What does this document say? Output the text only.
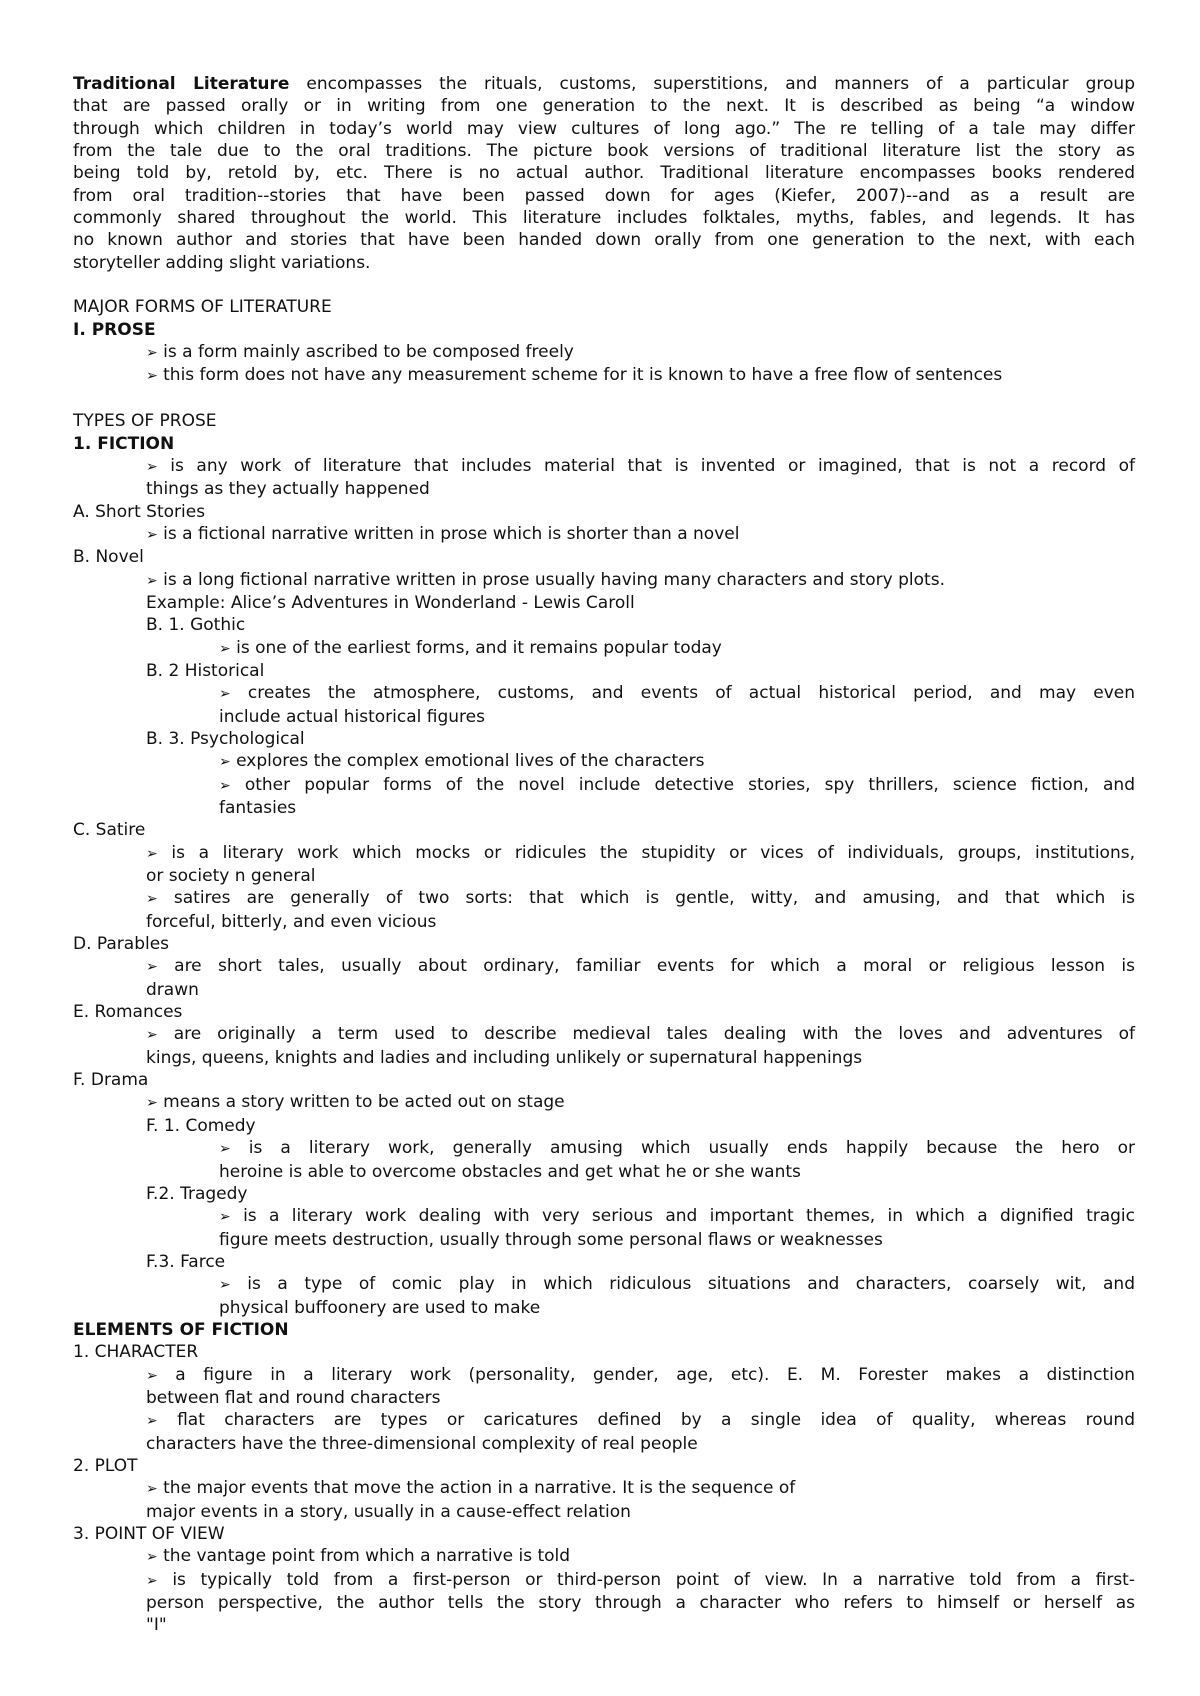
Traditional Literature encompasses the rituals, customs, superstitions, and manners of a particular group
that are passed orally or in writing from one generation to the next. It is described as being “a window
through which children in today’s world may view cultures of long ago.” The re telling of a tale may differ
from the tale due to the oral traditions. The picture book versions of traditional literature list the story as
being told by, retold by, etc. There is no actual author. Traditional literature encompasses books rendered
from oral tradition--stories that have been passed down for ages (Kiefer, 2007)--and as a result are
commonly shared throughout the world. This literature includes folktales, myths, fables, and legends. It has
no known author and stories that have been handed down orally from one generation to the next, with each
storyteller adding slight variations.
MAJOR FORMS OF LITERATURE
I. PROSE
➢ is a form mainly ascribed to be composed freely
➢ this form does not have any measurement scheme for it is known to have a free flow of sentences
TYPES OF PROSE
1. FICTION
➢ is any work of literature that includes material that is invented or imagined, that is not a record of
things as they actually happened
A. Short Stories
➢ is a fictional narrative written in prose which is shorter than a novel
B. Novel
➢ is a long fictional narrative written in prose usually having many characters and story plots.
Example: Alice’s Adventures in Wonderland - Lewis Caroll
B. 1. Gothic
➢ is one of the earliest forms, and it remains popular today
B. 2 Historical
➢ creates the atmosphere, customs, and events of actual historical period, and may even
include actual historical figures
B. 3. Psychological
➢ explores the complex emotional lives of the characters
➢ other popular forms of the novel include detective stories, spy thrillers, science fiction, and
fantasies
C. Satire
➢ is a literary work which mocks or ridicules the stupidity or vices of individuals, groups, institutions,
or society n general
➢ satires are generally of two sorts: that which is gentle, witty, and amusing, and that which is
forceful, bitterly, and even vicious
D. Parables
➢ are short tales, usually about ordinary, familiar events for which a moral or religious lesson is
drawn
E. Romances
➢ are originally a term used to describe medieval tales dealing with the loves and adventures of
kings, queens, knights and ladies and including unlikely or supernatural happenings
F. Drama
➢ means a story written to be acted out on stage
F. 1. Comedy
➢ is a literary work, generally amusing which usually ends happily because the hero or
heroine is able to overcome obstacles and get what he or she wants
F.2. Tragedy
➢ is a literary work dealing with very serious and important themes, in which a dignified tragic
figure meets destruction, usually through some personal flaws or weaknesses
F.3. Farce
➢ is a type of comic play in which ridiculous situations and characters, coarsely wit, and
physical buffoonery are used to make
ELEMENTS OF FICTION
1. CHARACTER
➢ a figure in a literary work (personality, gender, age, etc). E. M. Forester makes a distinction
between flat and round characters
➢ flat characters are types or caricatures defined by a single idea of quality, whereas round
characters have the three-dimensional complexity of real people
2. PLOT
➢ the major events that move the action in a narrative. It is the sequence of
major events in a story, usually in a cause-effect relation
3. POINT OF VIEW
➢ the vantage point from which a narrative is told
➢ is typically told from a first-person or third-person point of view. In a narrative told from a first-
person perspective, the author tells the story through a character who refers to himself or herself as
"I"
